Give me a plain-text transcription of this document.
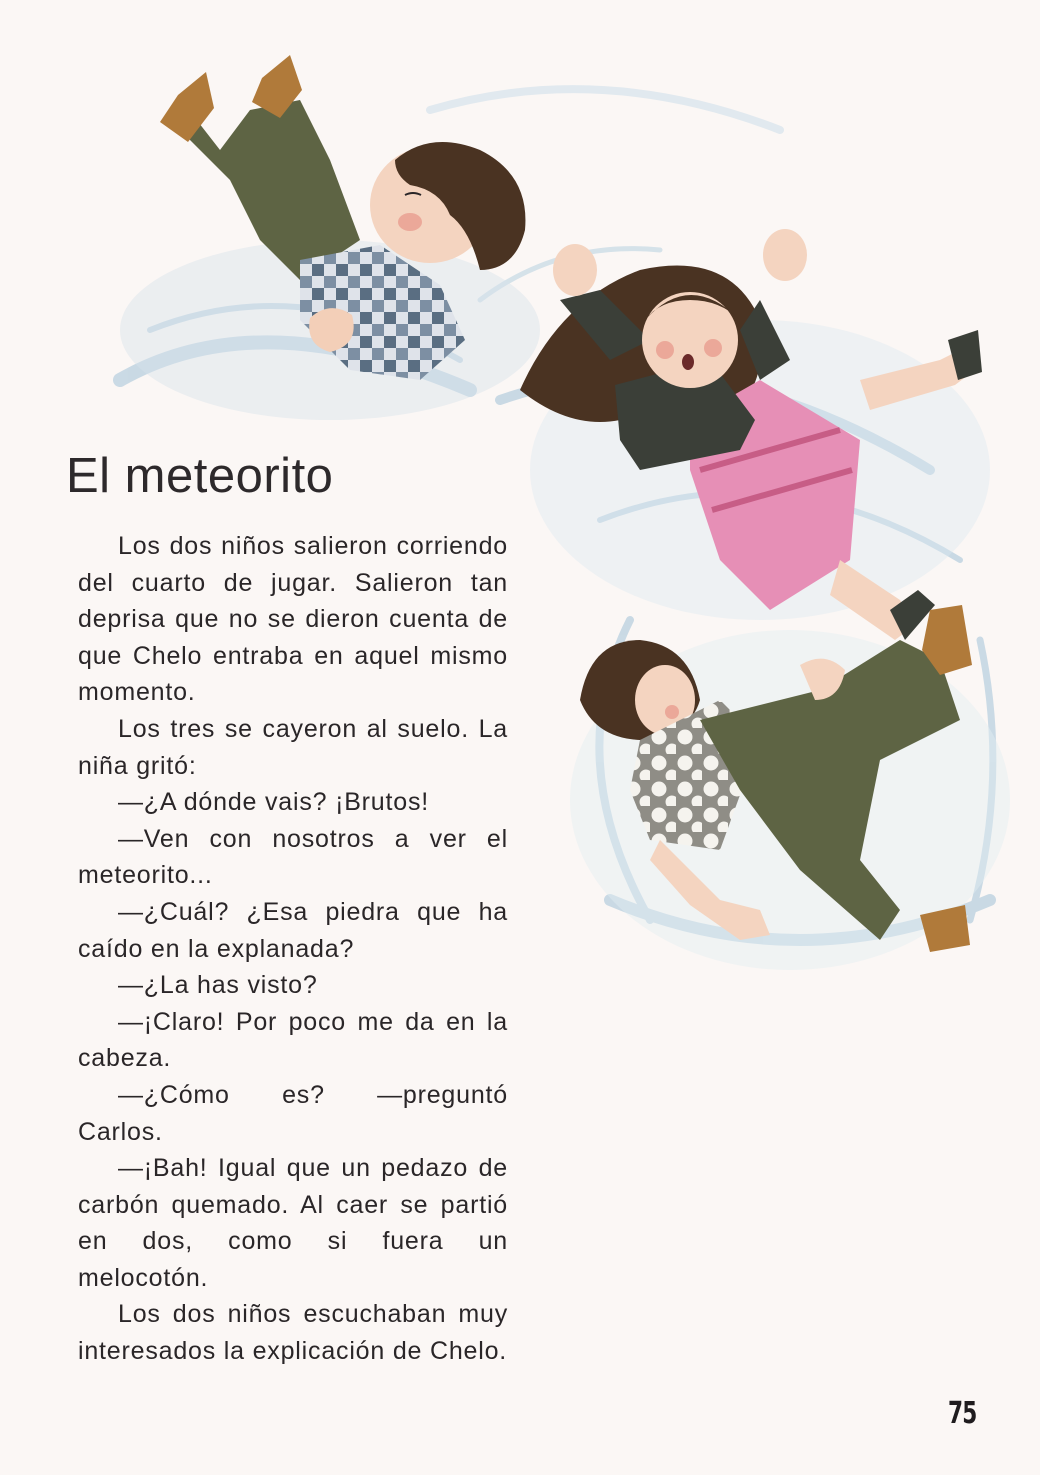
El meteorito

Los dos niños salieron corriendo del cuarto de jugar. Salieron tan deprisa que no se dieron cuenta de que Chelo entraba en aquel mismo momento.

Los tres se cayeron al suelo. La niña gritó:

—¿A dónde vais? ¡Brutos!

—Ven con nosotros a ver el meteorito...

—¿Cuál? ¿Esa piedra que ha caído en la explanada?

—¿La has visto?

—¡Claro! Por poco me da en la cabeza.

—¿Cómo es? —preguntó Carlos.

—¡Bah! Igual que un pedazo de carbón quemado. Al caer se partió en dos, como si fuera un melocotón.

Los dos niños escuchaban muy interesados la explicación de Chelo.

75
